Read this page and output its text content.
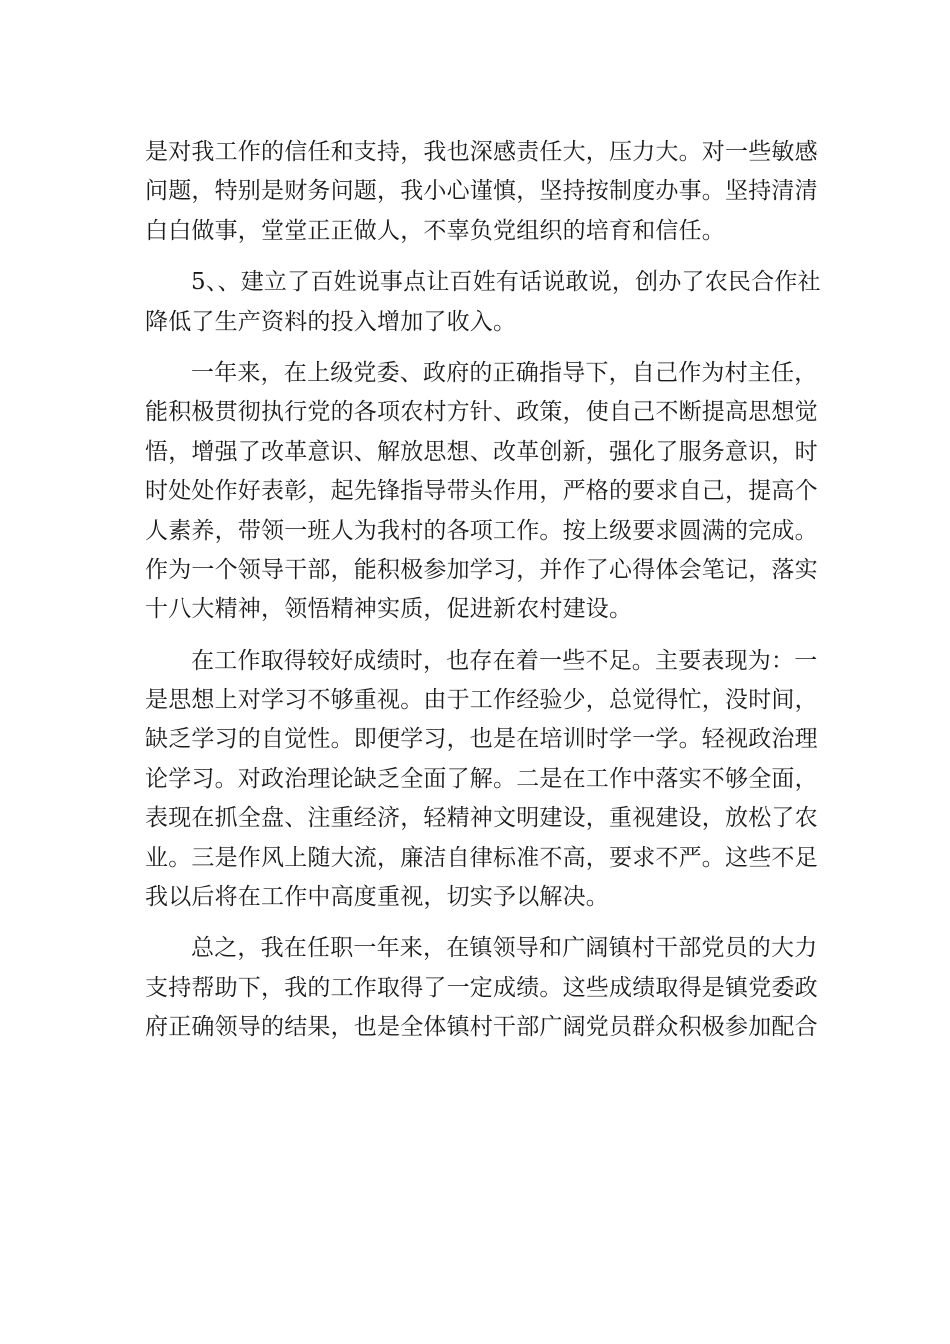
是对我工作的信任和支持，我也深感责任大，压力大。对一些敏感
问题，特别是财务问题，我小心谨慎，坚持按制度办事。坚持清清
白白做事，堂堂正正做人，不辜负党组织的培育和信任。
5、、建立了百姓说事点让百姓有话说敢说，创办了农民合作社
降低了生产资料的投入增加了收入。
一年来，在上级党委、政府的正确指导下，自己作为村主任，
能积极贯彻执行党的各项农村方针、政策，使自己不断提高思想觉
悟，增强了改革意识、解放思想、改革创新，强化了服务意识，时
时处处作好表彰，起先锋指导带头作用，严格的要求自己，提高个
人素养，带领一班人为我村的各项工作。按上级要求圆满的完成。
作为一个领导干部，能积极参加学习，并作了心得体会笔记，落实
十八大精神，领悟精神实质，促进新农村建设。
在工作取得较好成绩时，也存在着一些不足。主要表现为：一
是思想上对学习不够重视。由于工作经验少，总觉得忙，没时间，
缺乏学习的自觉性。即便学习，也是在培训时学一学。轻视政治理
论学习。对政治理论缺乏全面了解。二是在工作中落实不够全面，
表现在抓全盘、注重经济，轻精神文明建设，重视建设，放松了农
业。三是作风上随大流，廉洁自律标准不高，要求不严。这些不足
我以后将在工作中高度重视，切实予以解决。
总之，我在任职一年来，在镇领导和广阔镇村干部党员的大力
支持帮助下，我的工作取得了一定成绩。这些成绩取得是镇党委政
府正确领导的结果，也是全体镇村干部广阔党员群众积极参加配合
